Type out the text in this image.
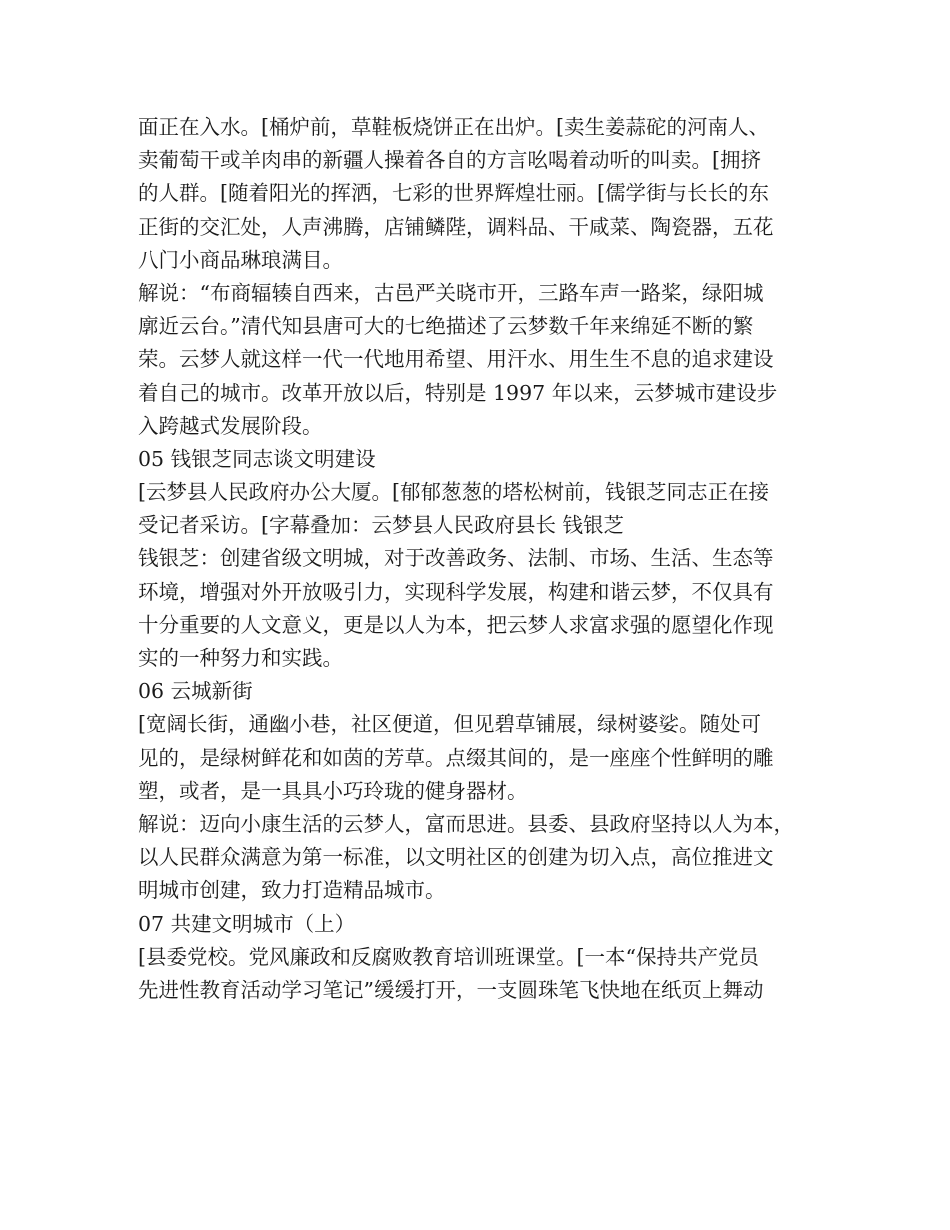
面正在入水。[桶炉前，草鞋板烧饼正在出炉。[卖生姜蒜砣的河南人、
卖葡萄干或羊肉串的新疆人操着各自的方言吆喝着动听的叫卖。[拥挤
的人群。[随着阳光的挥洒，七彩的世界辉煌壮丽。[儒学街与长长的东
正街的交汇处，人声沸腾，店铺鳞陛，调料品、干咸菜、陶瓷器，五花
八门小商品琳琅满目。
解说：“布商辐辏自西来，古邑严关晓市开，三路车声一路桨，绿阳城
廓近云台。”清代知县唐可大的七绝描述了云梦数千年来绵延不断的繁
荣。云梦人就这样一代一代地用希望、用汗水、用生生不息的追求建设
着自己的城市。改革开放以后，特别是 1997 年以来，云梦城市建设步
入跨越式发展阶段。
05 钱银芝同志谈文明建设
[云梦县人民政府办公大厦。[郁郁葱葱的塔松树前，钱银芝同志正在接
受记者采访。[字幕叠加：云梦县人民政府县长 钱银芝
钱银芝：创建省级文明城，对于改善政务、法制、市场、生活、生态等
环境，增强对外开放吸引力，实现科学发展，构建和谐云梦，不仅具有
十分重要的人文意义，更是以人为本，把云梦人求富求强的愿望化作现
实的一种努力和实践。
06 云城新街
[宽阔长街，通幽小巷，社区便道，但见碧草铺展，绿树婆娑。随处可
见的，是绿树鲜花和如茵的芳草。点缀其间的，是一座座个性鲜明的雕
塑，或者，是一具具小巧玲珑的健身器材。
解说：迈向小康生活的云梦人，富而思进。县委、县政府坚持以人为本，
以人民群众满意为第一标准，以文明社区的创建为切入点，高位推进文
明城市创建，致力打造精品城市。
07 共建文明城市（上）
[县委党校。党风廉政和反腐败教育培训班课堂。[一本“保持共产党员
先进性教育活动学习笔记”缓缓打开，一支圆珠笔飞快地在纸页上舞动
